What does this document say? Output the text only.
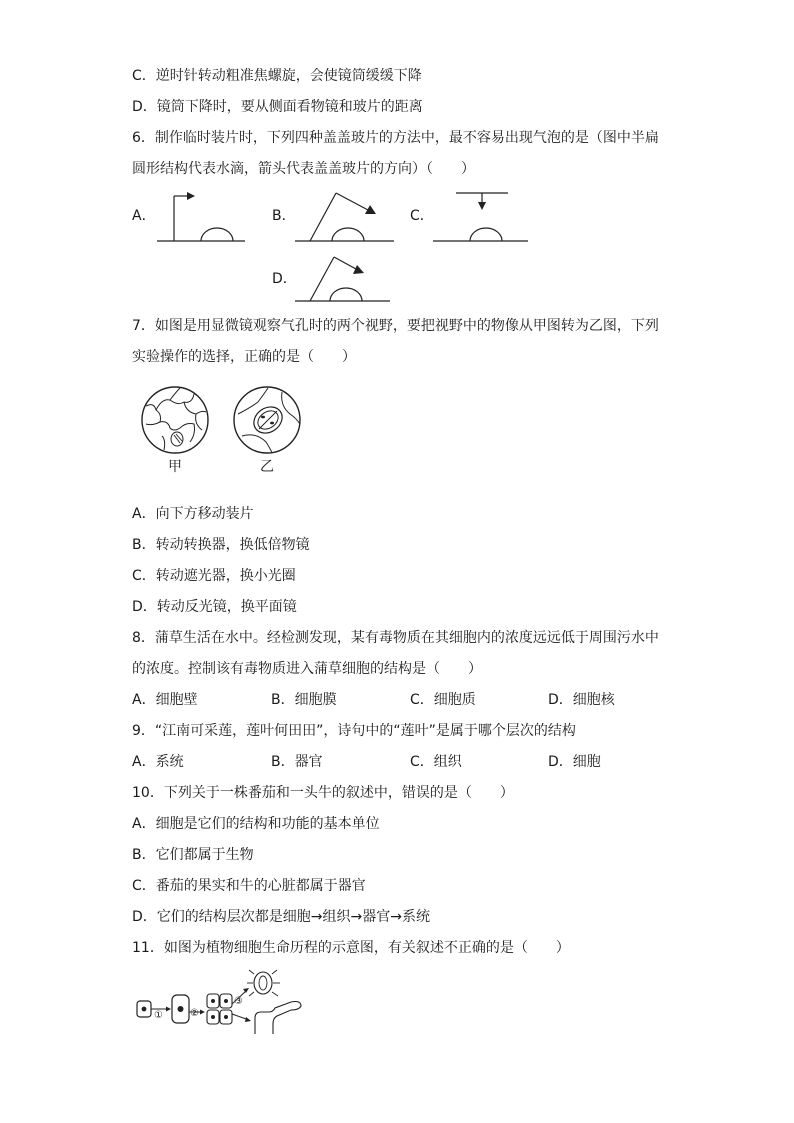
C．逆时针转动粗准焦螺旋，会使镜筒缓缓下降
D．镜筒下降时，要从侧面看物镜和玻片的距离
6．制作临时装片时，下列四种盖盖玻片的方法中，最不容易出现气泡的是（图中半扁
圆形结构代表水滴，箭头代表盖盖玻片的方向）（　　）
A．	B．	C．
D．
7．如图是用显微镜观察气孔时的两个视野，要把视野中的物像从甲图转为乙图，下列
实验操作的选择，正确的是（　　）
甲	乙
A．向下方移动装片
B．转动转换器，换低倍物镜
C．转动遮光器，换小光圈
D．转动反光镜，换平面镜
8．蒲草生活在水中。经检测发现，某有毒物质在其细胞内的浓度远远低于周围污水中
的浓度。控制该有毒物质进入蒲草细胞的结构是（　　）
A．细胞壁	B．细胞膜	C．细胞质	D．细胞核
9．“江南可采莲，莲叶何田田”，诗句中的“莲叶”是属于哪个层次的结构
A．系统	B．器官	C．组织	D．细胞
10．下列关于一株番茄和一头牛的叙述中，错误的是（　　）
A．细胞是它们的结构和功能的基本单位
B．它们都属于生物
C．番茄的果实和牛的心脏都属于器官
D．它们的结构层次都是细胞→组织→器官→系统
11．如图为植物细胞生命历程的示意图，有关叙述不正确的是（　　）
①	②
③
